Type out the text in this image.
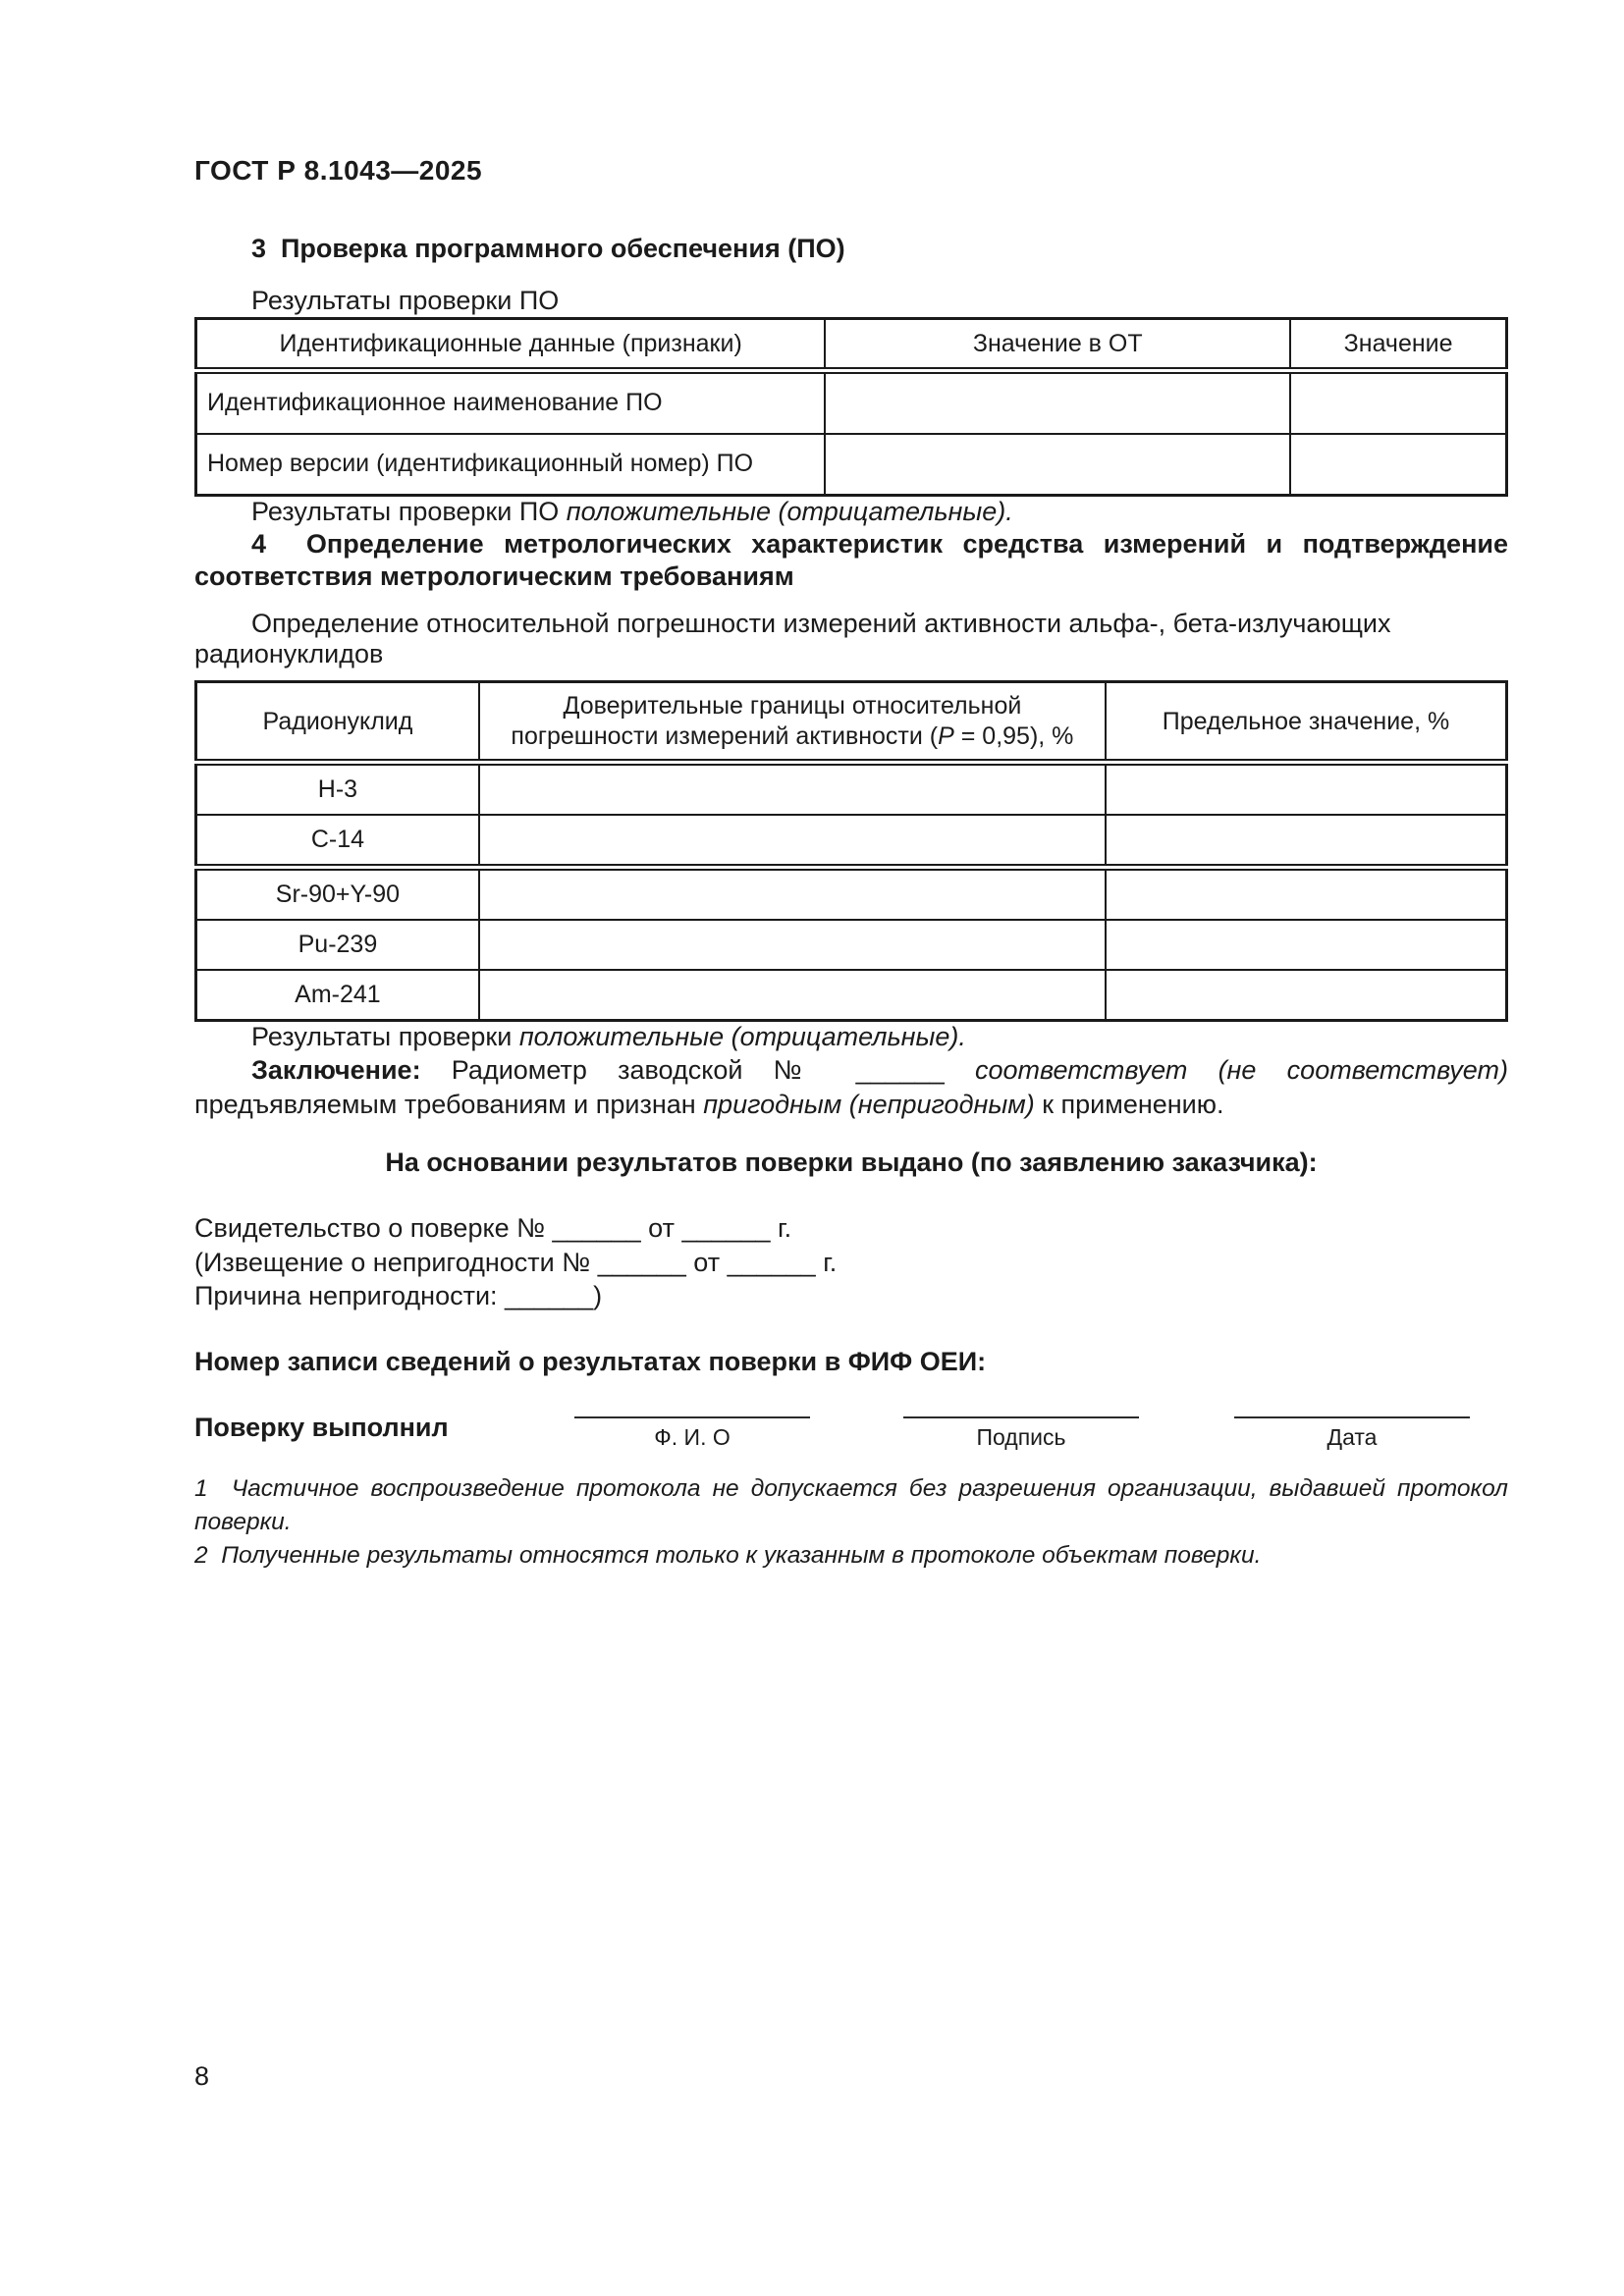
ГОСТ Р 8.1043—2025
3  Проверка программного обеспечения (ПО)

Результаты проверки ПО

Идентификационные данные (признаки)	Значение в ОТ	Значение
Идентификационное наименование ПО		
Номер версии (идентификационный номер) ПО		

Результаты проверки ПО положительные (отрицательные).

4  Определение метрологических характеристик средства измерений и подтверждение соответствия метрологическим требованиям

Определение относительной погрешности измерений активности альфа-, бета-излучающих радионуклидов

Радионуклид	Доверительные границы относительной погрешности измерений активности (P = 0,95), %	Предельное значение, %
H-3		
C-14		
Sr-90+Y-90		
Pu-239		
Am-241		

Результаты проверки положительные (отрицательные).

Заключение: Радиометр заводской № ______ соответствует (не соответствует) предъявляемым требованиям и признан пригодным (непригодным) к применению.

На основании результатов поверки выдано (по заявлению заказчика):

Свидетельство о поверке № ______ от ______ г.

(Извещение о непригодности № ______ от ______ г.

Причина непригодности: ______)

Номер записи сведений о результатах поверки в ФИФ ОЕИ:
Поверку выполнил	Ф. И. О	Подпись	Дата

1  Частичное воспроизведение протокола не допускается без разрешения организации, выдавшей протокол поверки.

2  Полученные результаты относятся только к указанным в протоколе объектам поверки.

8
